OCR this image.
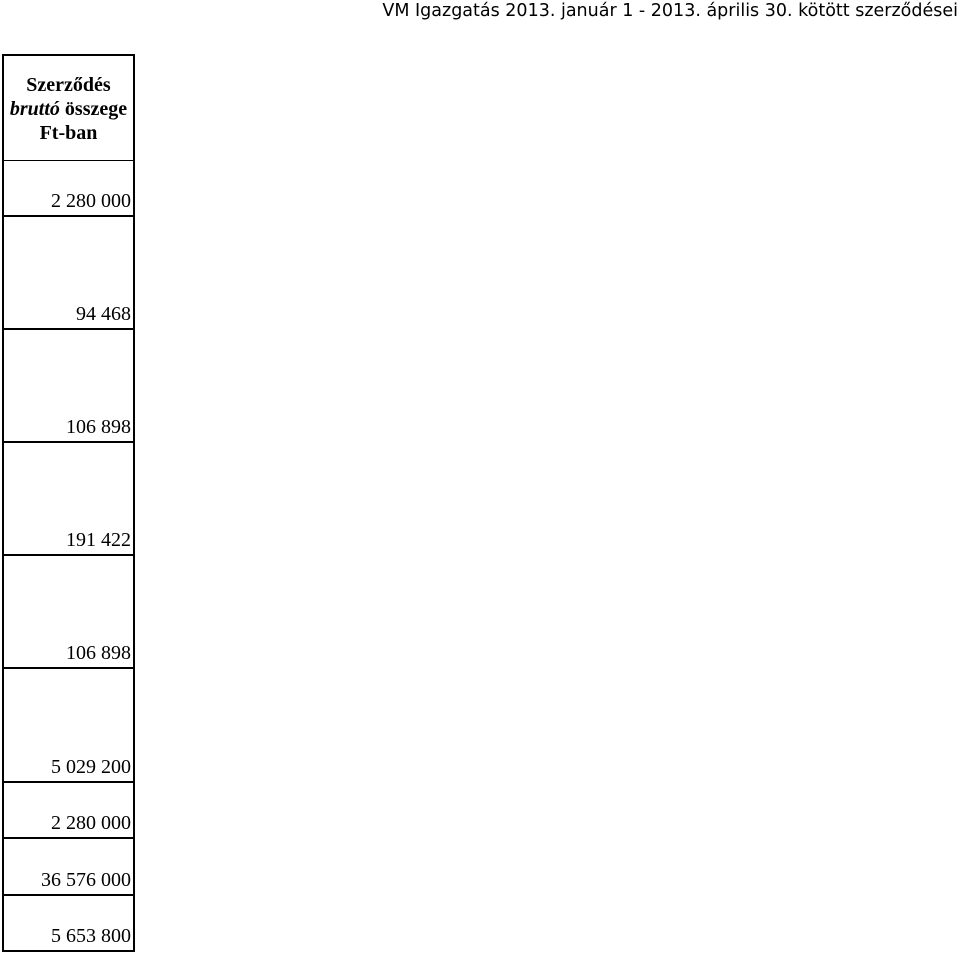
VM Igazgatás 2013. január 1 - 2013. április 30. kötött szerződései
Szerződés
bruttó összege
Ft-ban

2 280 000
94 468
106 898
191 422
106 898
5 029 200
2 280 000
36 576 000
5 653 800
